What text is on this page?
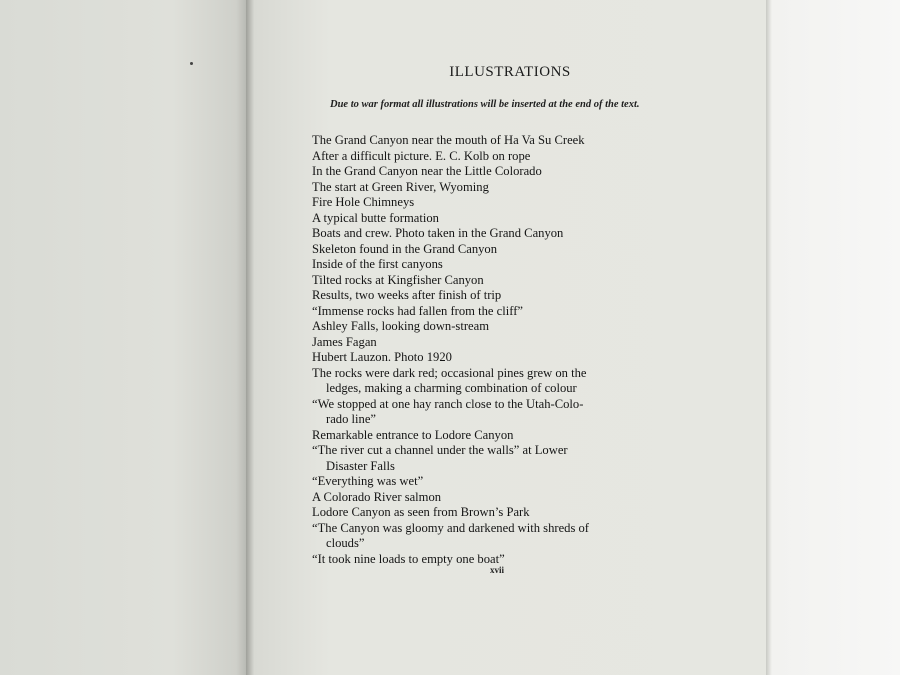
ILLUSTRATIONS
Due to war format all illustrations will be inserted at the end of the text.
The Grand Canyon near the mouth of Ha Va Su Creek
After a difficult picture. E. C. Kolb on rope
In the Grand Canyon near the Little Colorado
The start at Green River, Wyoming
Fire Hole Chimneys
A typical butte formation
Boats and crew. Photo taken in the Grand Canyon
Skeleton found in the Grand Canyon
Inside of the first canyons
Tilted rocks at Kingfisher Canyon
Results, two weeks after finish of trip
“Immense rocks had fallen from the cliff”
Ashley Falls, looking down-stream
James Fagan
Hubert Lauzon. Photo 1920
The rocks were dark red; occasional pines grew on the
ledges, making a charming combination of colour
“We stopped at one hay ranch close to the Utah-Colo-
rado line”
Remarkable entrance to Lodore Canyon
“The river cut a channel under the walls” at Lower
Disaster Falls
“Everything was wet”
A Colorado River salmon
Lodore Canyon as seen from Brown’s Park
“The Canyon was gloomy and darkened with shreds of
clouds”
“It took nine loads to empty one boat”
xvii
